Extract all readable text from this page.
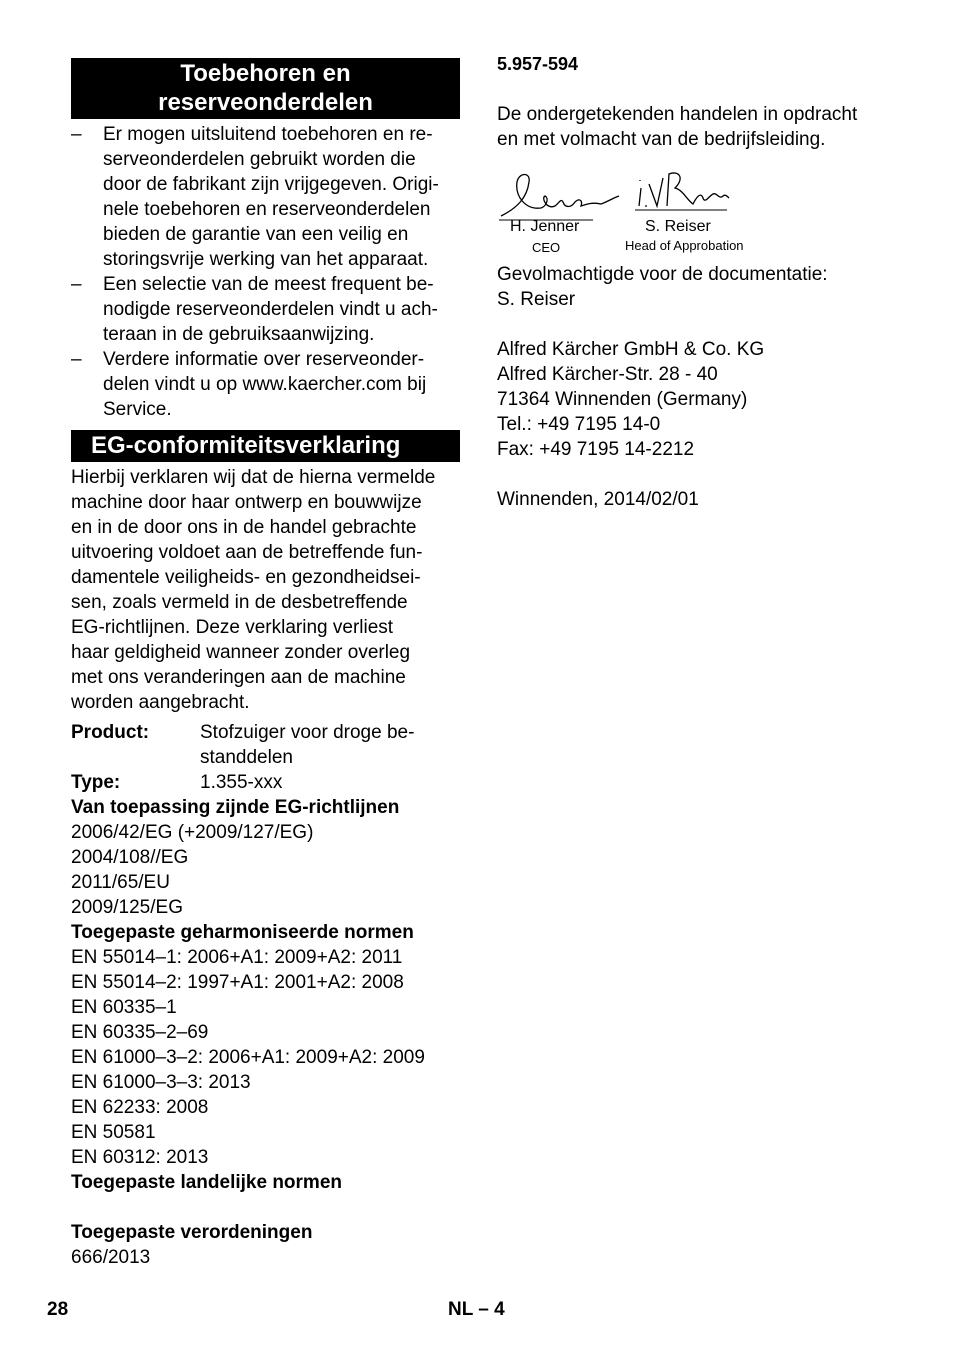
Toebehoren en
reserveonderdelen
–	Er mogen uitsluitend toebehoren en re-
serveonderdelen gebruikt worden die
door de fabrikant zijn vrijgegeven. Origi-
nele toebehoren en reserveonderdelen
bieden de garantie van een veilig en
storingsvrije werking van het apparaat.
–	Een selectie van de meest frequent be-
nodigde reserveonderdelen vindt u ach-
teraan in de gebruiksaanwijzing.
–	Verdere informatie over reserveonder-
delen vindt u op www.kaercher.com bij
Service.
EG-conformiteitsverklaring
Hierbij verklaren wij dat de hierna vermelde
machine door haar ontwerp en bouwwijze
en in de door ons in de handel gebrachte
uitvoering voldoet aan de betreffende fun-
damentele veiligheids- en gezondheidsei-
sen, zoals vermeld in de desbetreffende
EG-richtlijnen. Deze verklaring verliest
haar geldigheid wanneer zonder overleg
met ons veranderingen aan de machine
worden aangebracht.
Product:	Stofzuiger voor droge be-
standdelen
Type:	1.355-xxx
Van toepassing zijnde EG-richtlijnen
2006/42/EG (+2009/127/EG)
2004/108//EG
2011/65/EU
2009/125/EG
Toegepaste geharmoniseerde normen
EN 55014–1: 2006+A1: 2009+A2: 2011
EN 55014–2: 1997+A1: 2001+A2: 2008
EN 60335–1
EN 60335–2–69
EN 61000–3–2: 2006+A1: 2009+A2: 2009
EN 61000–3–3: 2013
EN 62233: 2008
EN 50581
EN 60312: 2013
Toegepaste landelijke normen
Toegepaste verordeningen
666/2013
5.957-594
De ondergetekenden handelen in opdracht
en met volmacht van de bedrijfsleiding.
H. Jenner
CEO
S. Reiser
Head of Approbation
Gevolmachtigde voor de documentatie:
S. Reiser
Alfred Kärcher GmbH & Co. KG
Alfred Kärcher-Str. 28 - 40
71364 Winnenden (Germany)
Tel.: +49 7195 14-0
Fax: +49 7195 14-2212
Winnenden, 2014/02/01
28	NL – 4
